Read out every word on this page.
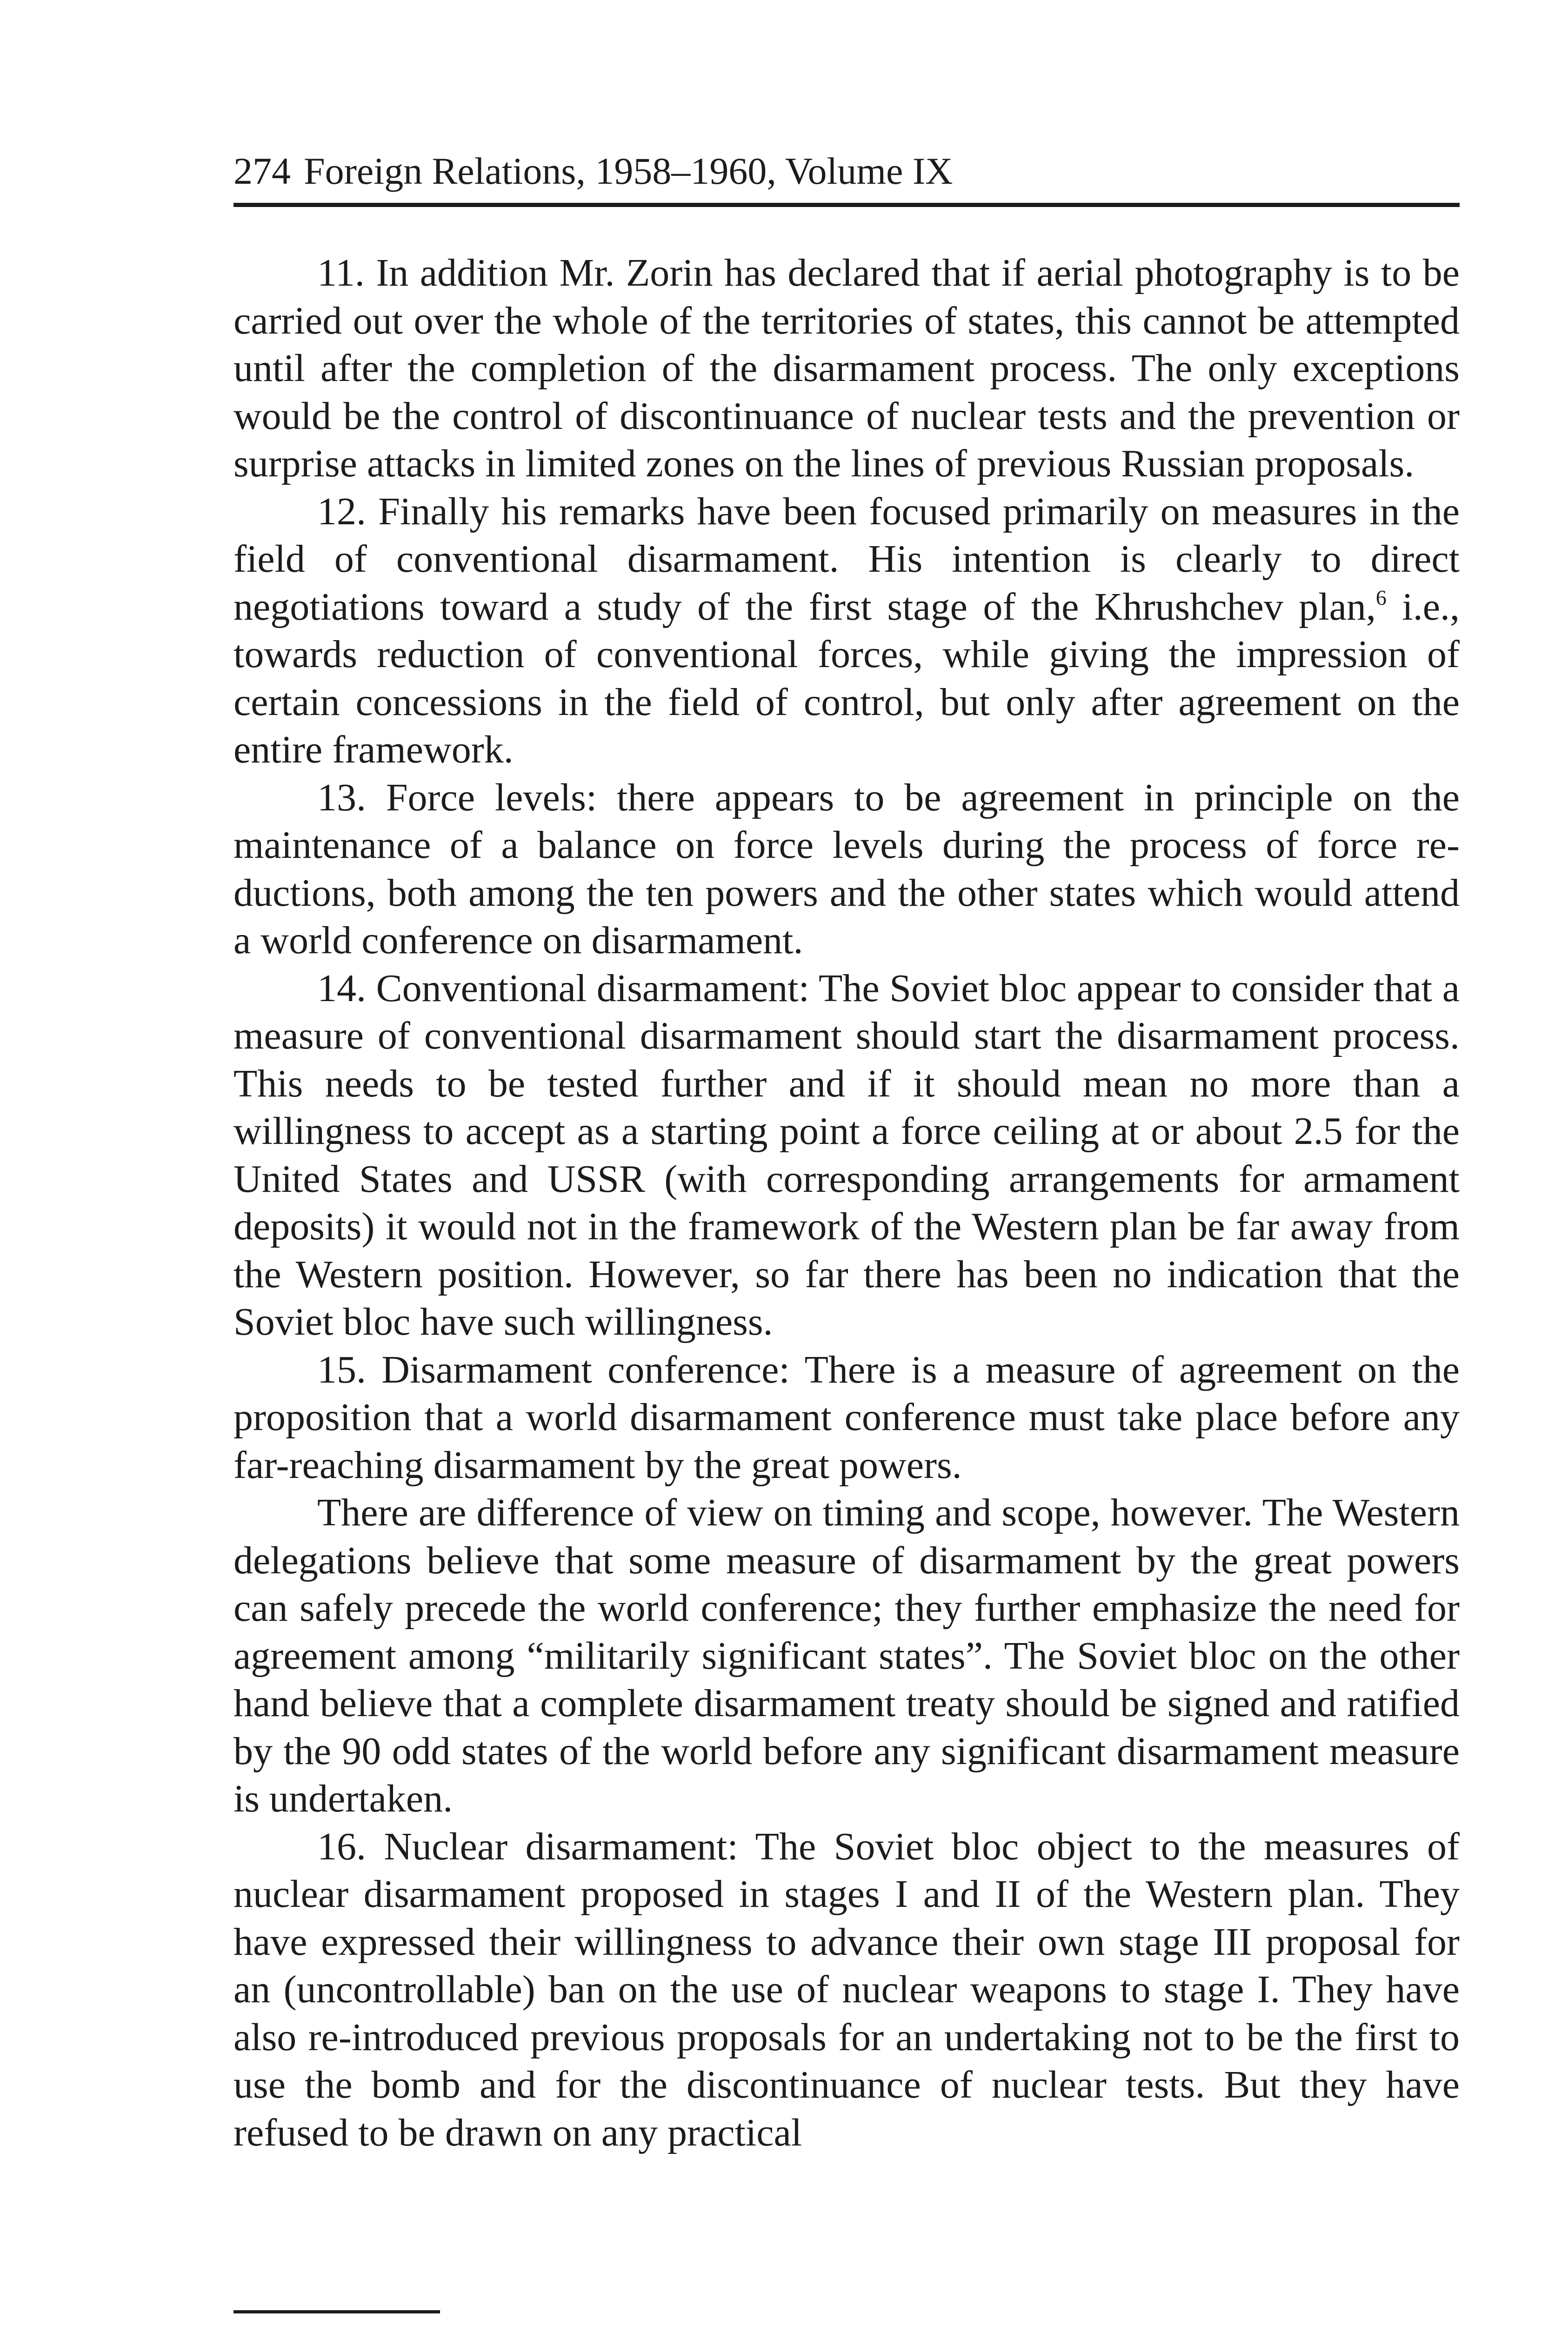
274 Foreign Relations, 1958–1960, Volume IX

11. In addition Mr. Zorin has declared that if aerial photography is to be carried out over the whole of the territories of states, this cannot be attempted until after the completion of the disarmament process. The only exceptions would be the control of discontinuance of nuclear tests and the prevention or surprise attacks in limited zones on the lines of previous Russian proposals.

12. Finally his remarks have been focused primarily on measures in the field of conventional disarmament. His intention is clearly to direct negotiations toward a study of the first stage of the Khrushchev plan,$^6$ i.e., towards reduction of conventional forces, while giving the impression of certain concessions in the field of control, but only after agreement on the entire framework.

13. Force levels: there appears to be agreement in principle on the maintenance of a balance on force levels during the process of force reductions, both among the ten powers and the other states which would attend a world conference on disarmament.

14. Conventional disarmament: The Soviet bloc appear to consider that a measure of conventional disarmament should start the disarmament process. This needs to be tested further and if it should mean no more than a willingness to accept as a starting point a force ceiling at or about 2.5 for the United States and USSR (with corresponding arrangements for armament deposits) it would not in the framework of the Western plan be far away from the Western position. However, so far there has been no indication that the Soviet bloc have such willingness.

15. Disarmament conference: There is a measure of agreement on the proposition that a world disarmament conference must take place before any far-reaching disarmament by the great powers.

There are difference of view on timing and scope, however. The Western delegations believe that some measure of disarmament by the great powers can safely precede the world conference; they further emphasize the need for agreement among “militarily significant states”. The Soviet bloc on the other hand believe that a complete disarmament treaty should be signed and ratified by the 90 odd states of the world before any significant disarmament measure is undertaken.

16. Nuclear disarmament: The Soviet bloc object to the measures of nuclear disarmament proposed in stages I and II of the Western plan. They have expressed their willingness to advance their own stage III proposal for an (uncontrollable) ban on the use of nuclear weapons to stage I. They have also re-introduced previous proposals for an undertaking not to be the first to use the bomb and for the discontinuance of nuclear tests. But they have refused to be drawn on any practical
